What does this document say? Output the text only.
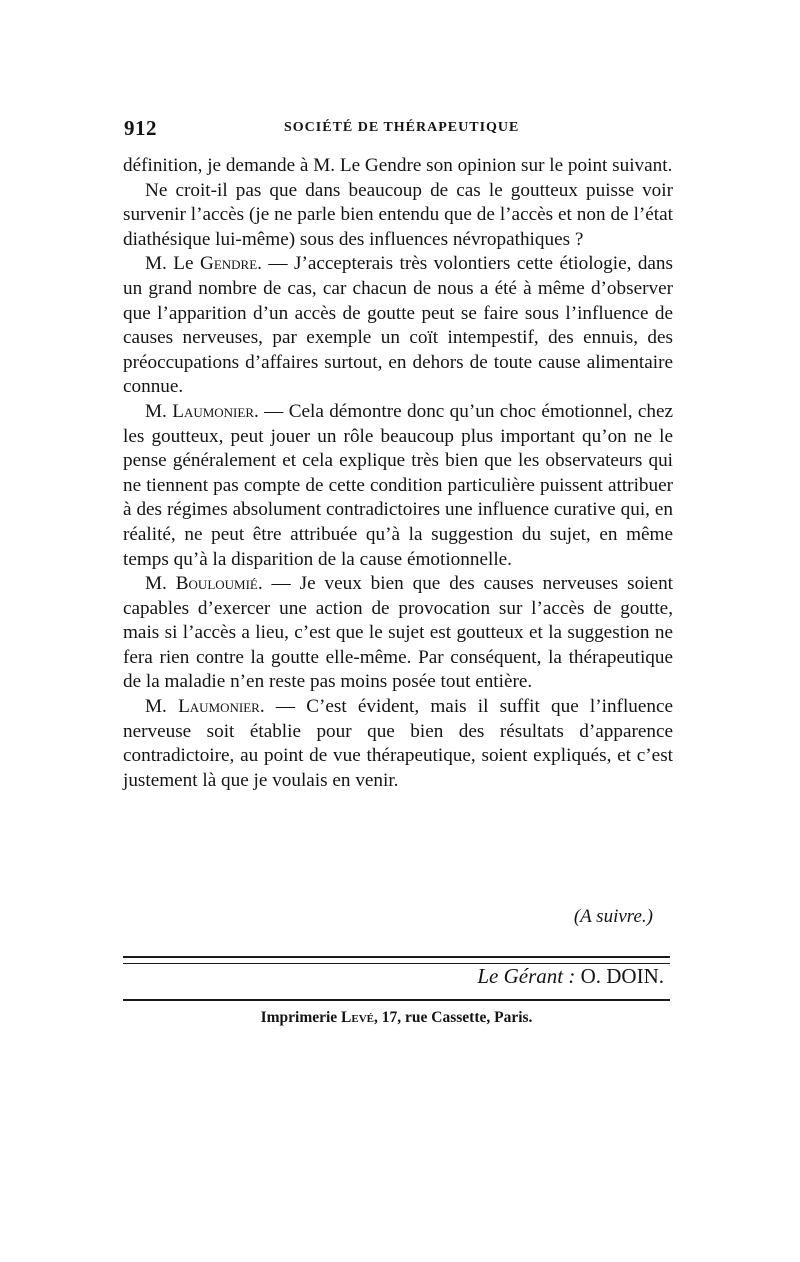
912	SOCIÉTÉ DE THÉRAPEUTIQUE

définition, je demande à M. Le Gendre son opinion sur le point suivant.

Ne croit-il pas que dans beaucoup de cas le goutteux puisse voir survenir l’accès (je ne parle bien entendu que de l’accès et non de l’état diathésique lui-même) sous des influences névropathiques ?

M. Le Gendre. — J’accepterais très volontiers cette étiologie, dans un grand nombre de cas, car chacun de nous a été à même d’observer que l’apparition d’un accès de goutte peut se faire sous l’influence de causes nerveuses, par exemple un coït intempestif, des ennuis, des préoccupations d’affaires surtout, en dehors de toute cause alimentaire connue.

M. Laumonier. — Cela démontre donc qu’un choc émotionnel, chez les goutteux, peut jouer un rôle beaucoup plus important qu’on ne le pense généralement et cela explique très bien que les observateurs qui ne tiennent pas compte de cette condition particulière puissent attribuer à des régimes absolument contradictoires une influence curative qui, en réalité, ne peut être attribuée qu’à la suggestion du sujet, en même temps qu’à la disparition de la cause émotionnelle.

M. Bouloumié. — Je veux bien que des causes nerveuses soient capables d’exercer une action de provocation sur l’accès de goutte, mais si l’accès a lieu, c’est que le sujet est goutteux et la suggestion ne fera rien contre la goutte elle-même. Par conséquent, la thérapeutique de la maladie n’en reste pas moins posée tout entière.

M. Laumonier. — C’est évident, mais il suffit que l’influence nerveuse soit établie pour que bien des résultats d’apparence contradictoire, au point de vue thérapeutique, soient expliqués, et c’est justement là que je voulais en venir.

(A suivre.)
Le Gérant : O. DOIN.
Imprimerie Levé, 17, rue Cassette, Paris.
